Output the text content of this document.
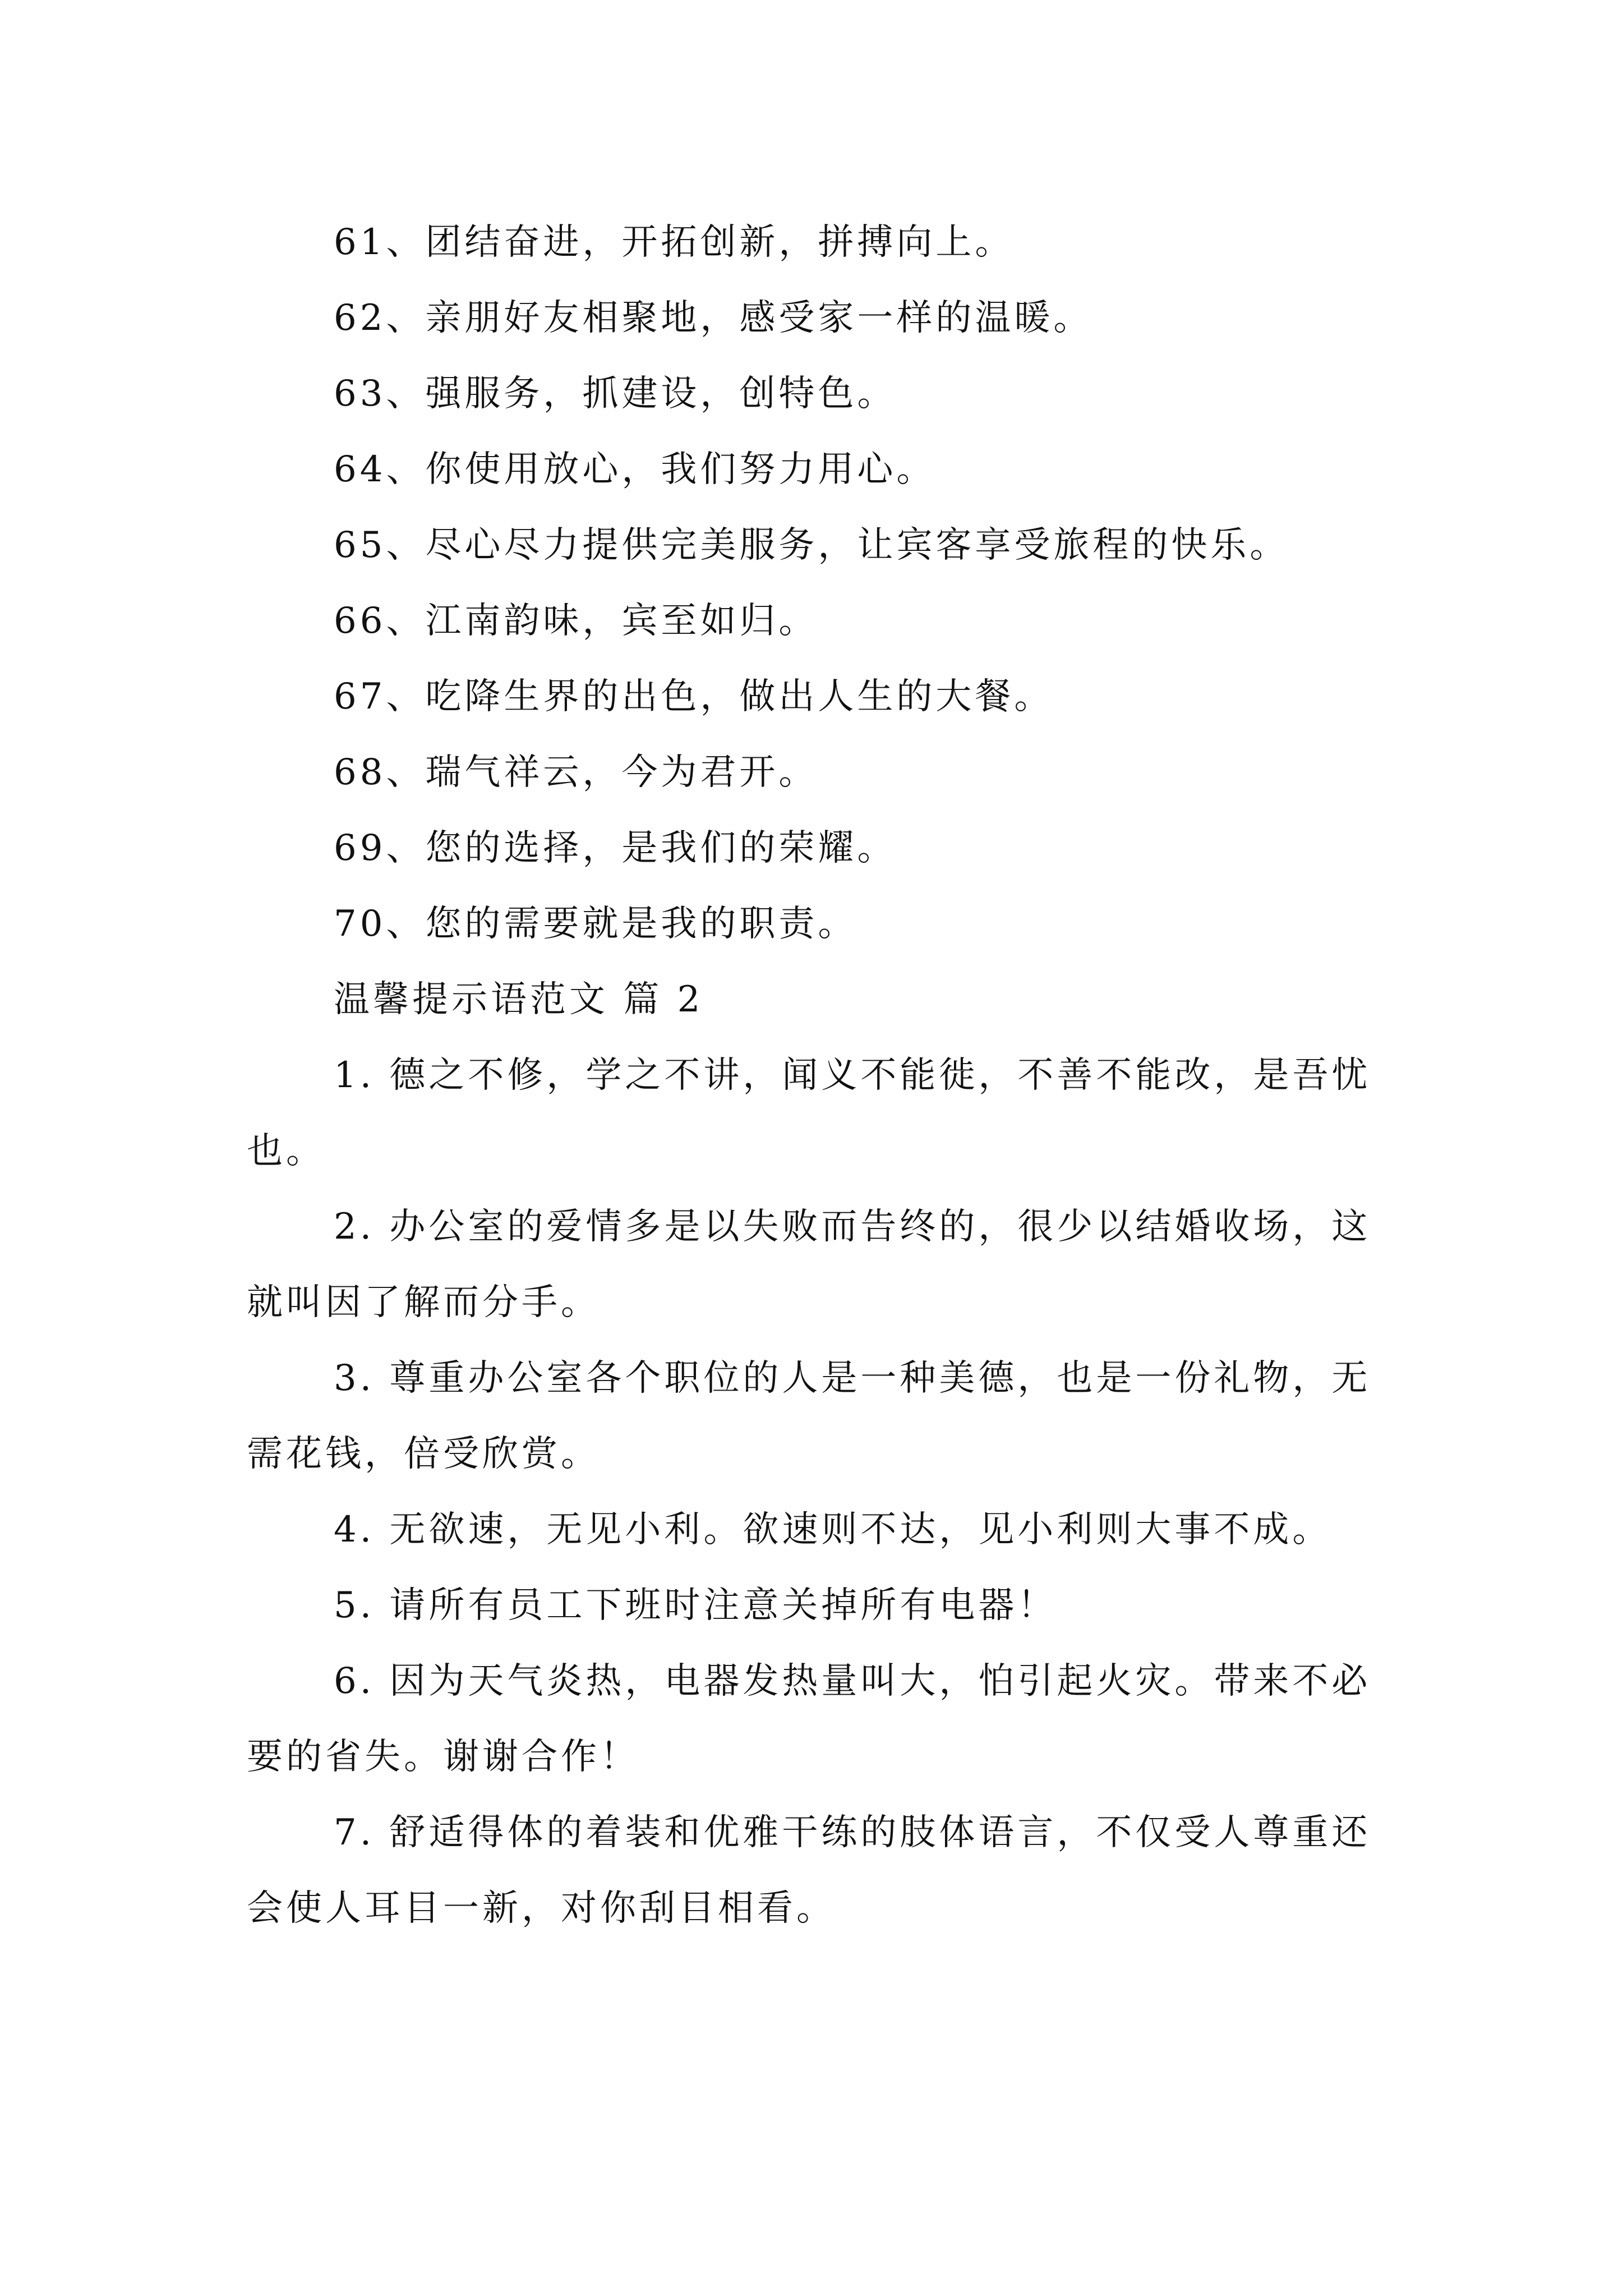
61、团结奋进，开拓创新，拼搏向上。
62、亲朋好友相聚地，感受家一样的温暖。
63、强服务，抓建设，创特色。
64、你使用放心，我们努力用心。
65、尽心尽力提供完美服务，让宾客享受旅程的快乐。
66、江南韵味，宾至如归。
67、吃降生界的出色，做出人生的大餐。
68、瑞气祥云，今为君开。
69、您的选择，是我们的荣耀。
70、您的需要就是我的职责。
温馨提示语范文 篇 2

1. 德之不修，学之不讲，闻义不能徙，不善不能改，是吾忧也。

2. 办公室的爱情多是以失败而告终的，很少以结婚收场，这就叫因了解而分手。

3. 尊重办公室各个职位的人是一种美德，也是一份礼物，无需花钱，倍受欣赏。

4. 无欲速，无见小利。欲速则不达，见小利则大事不成。

5. 请所有员工下班时注意关掉所有电器！

6. 因为天气炎热，电器发热量叫大，怕引起火灾。带来不必要的省失。谢谢合作！

7. 舒适得体的着装和优雅干练的肢体语言，不仅受人尊重还会使人耳目一新，对你刮目相看。
